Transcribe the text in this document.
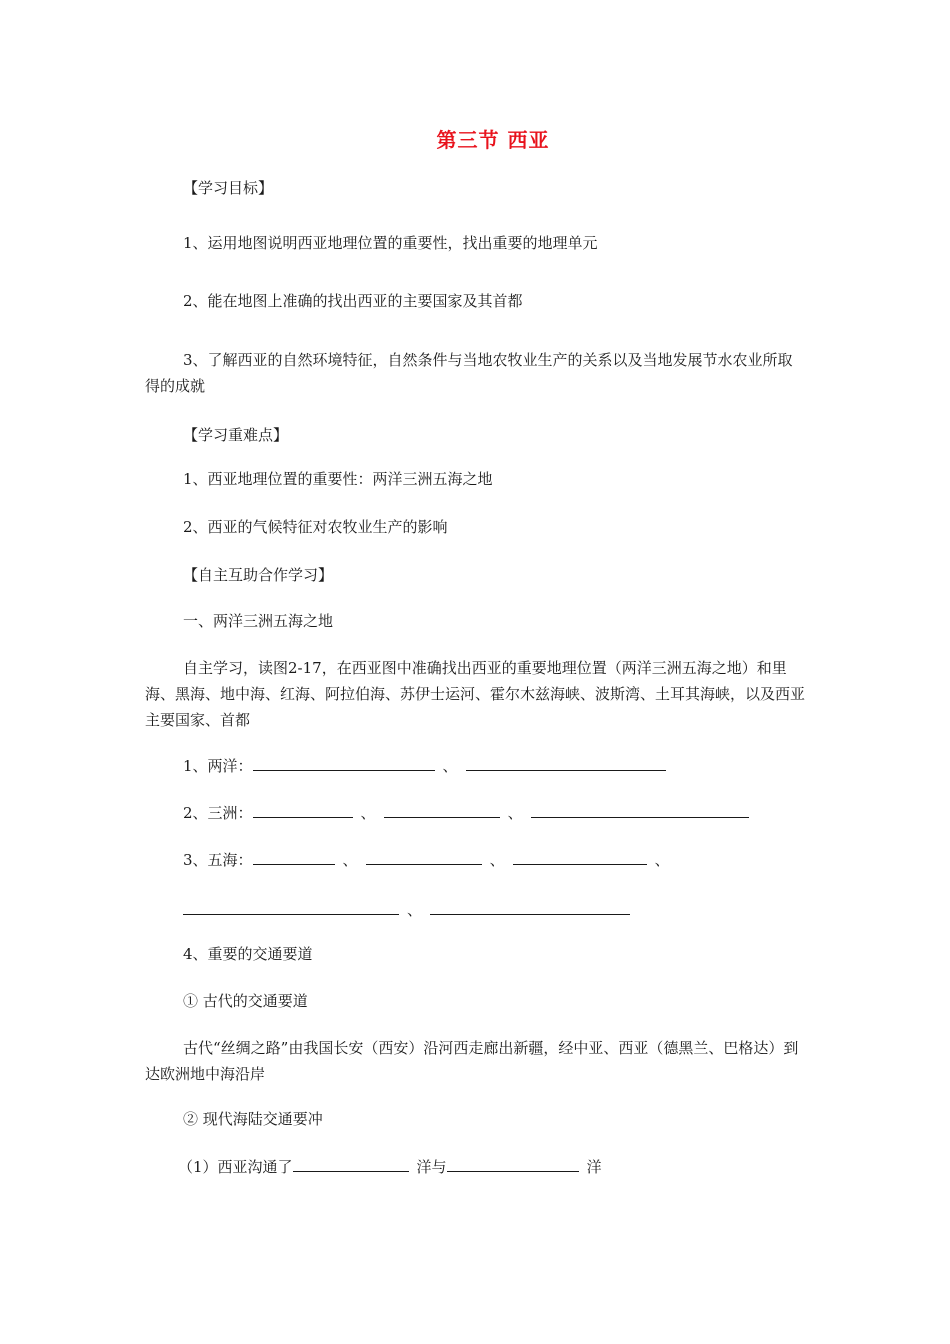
第三节 西亚
【学习目标】
1、运用地图说明西亚地理位置的重要性，找出重要的地理单元
2、能在地图上准确的找出西亚的主要国家及其首都
3、了解西亚的自然环境特征，自然条件与当地农牧业生产的关系以及当地发展节水农业所取得的成就
【学习重难点】
1、西亚地理位置的重要性：两洋三洲五海之地
2、西亚的气候特征对农牧业生产的影响
【自主互助合作学习】
一、两洋三洲五海之地
自主学习，读图2-17，在西亚图中准确找出西亚的重要地理位置（两洋三洲五海之地）和里海、黑海、地中海、红海、阿拉伯海、苏伊士运河、霍尔木兹海峡、波斯湾、土耳其海峡，以及西亚主要国家、首都
1、两洋：	、
2、三洲：	、	、
3、五海：	、	、	、
、
4、重要的交通要道
① 古代的交通要道
古代“丝绸之路”由我国长安（西安）沿河西走廊出新疆，经中亚、西亚（德黑兰、巴格达）到达欧洲地中海沿岸
② 现代海陆交通要冲
（1）西亚沟通了	洋与	洋
